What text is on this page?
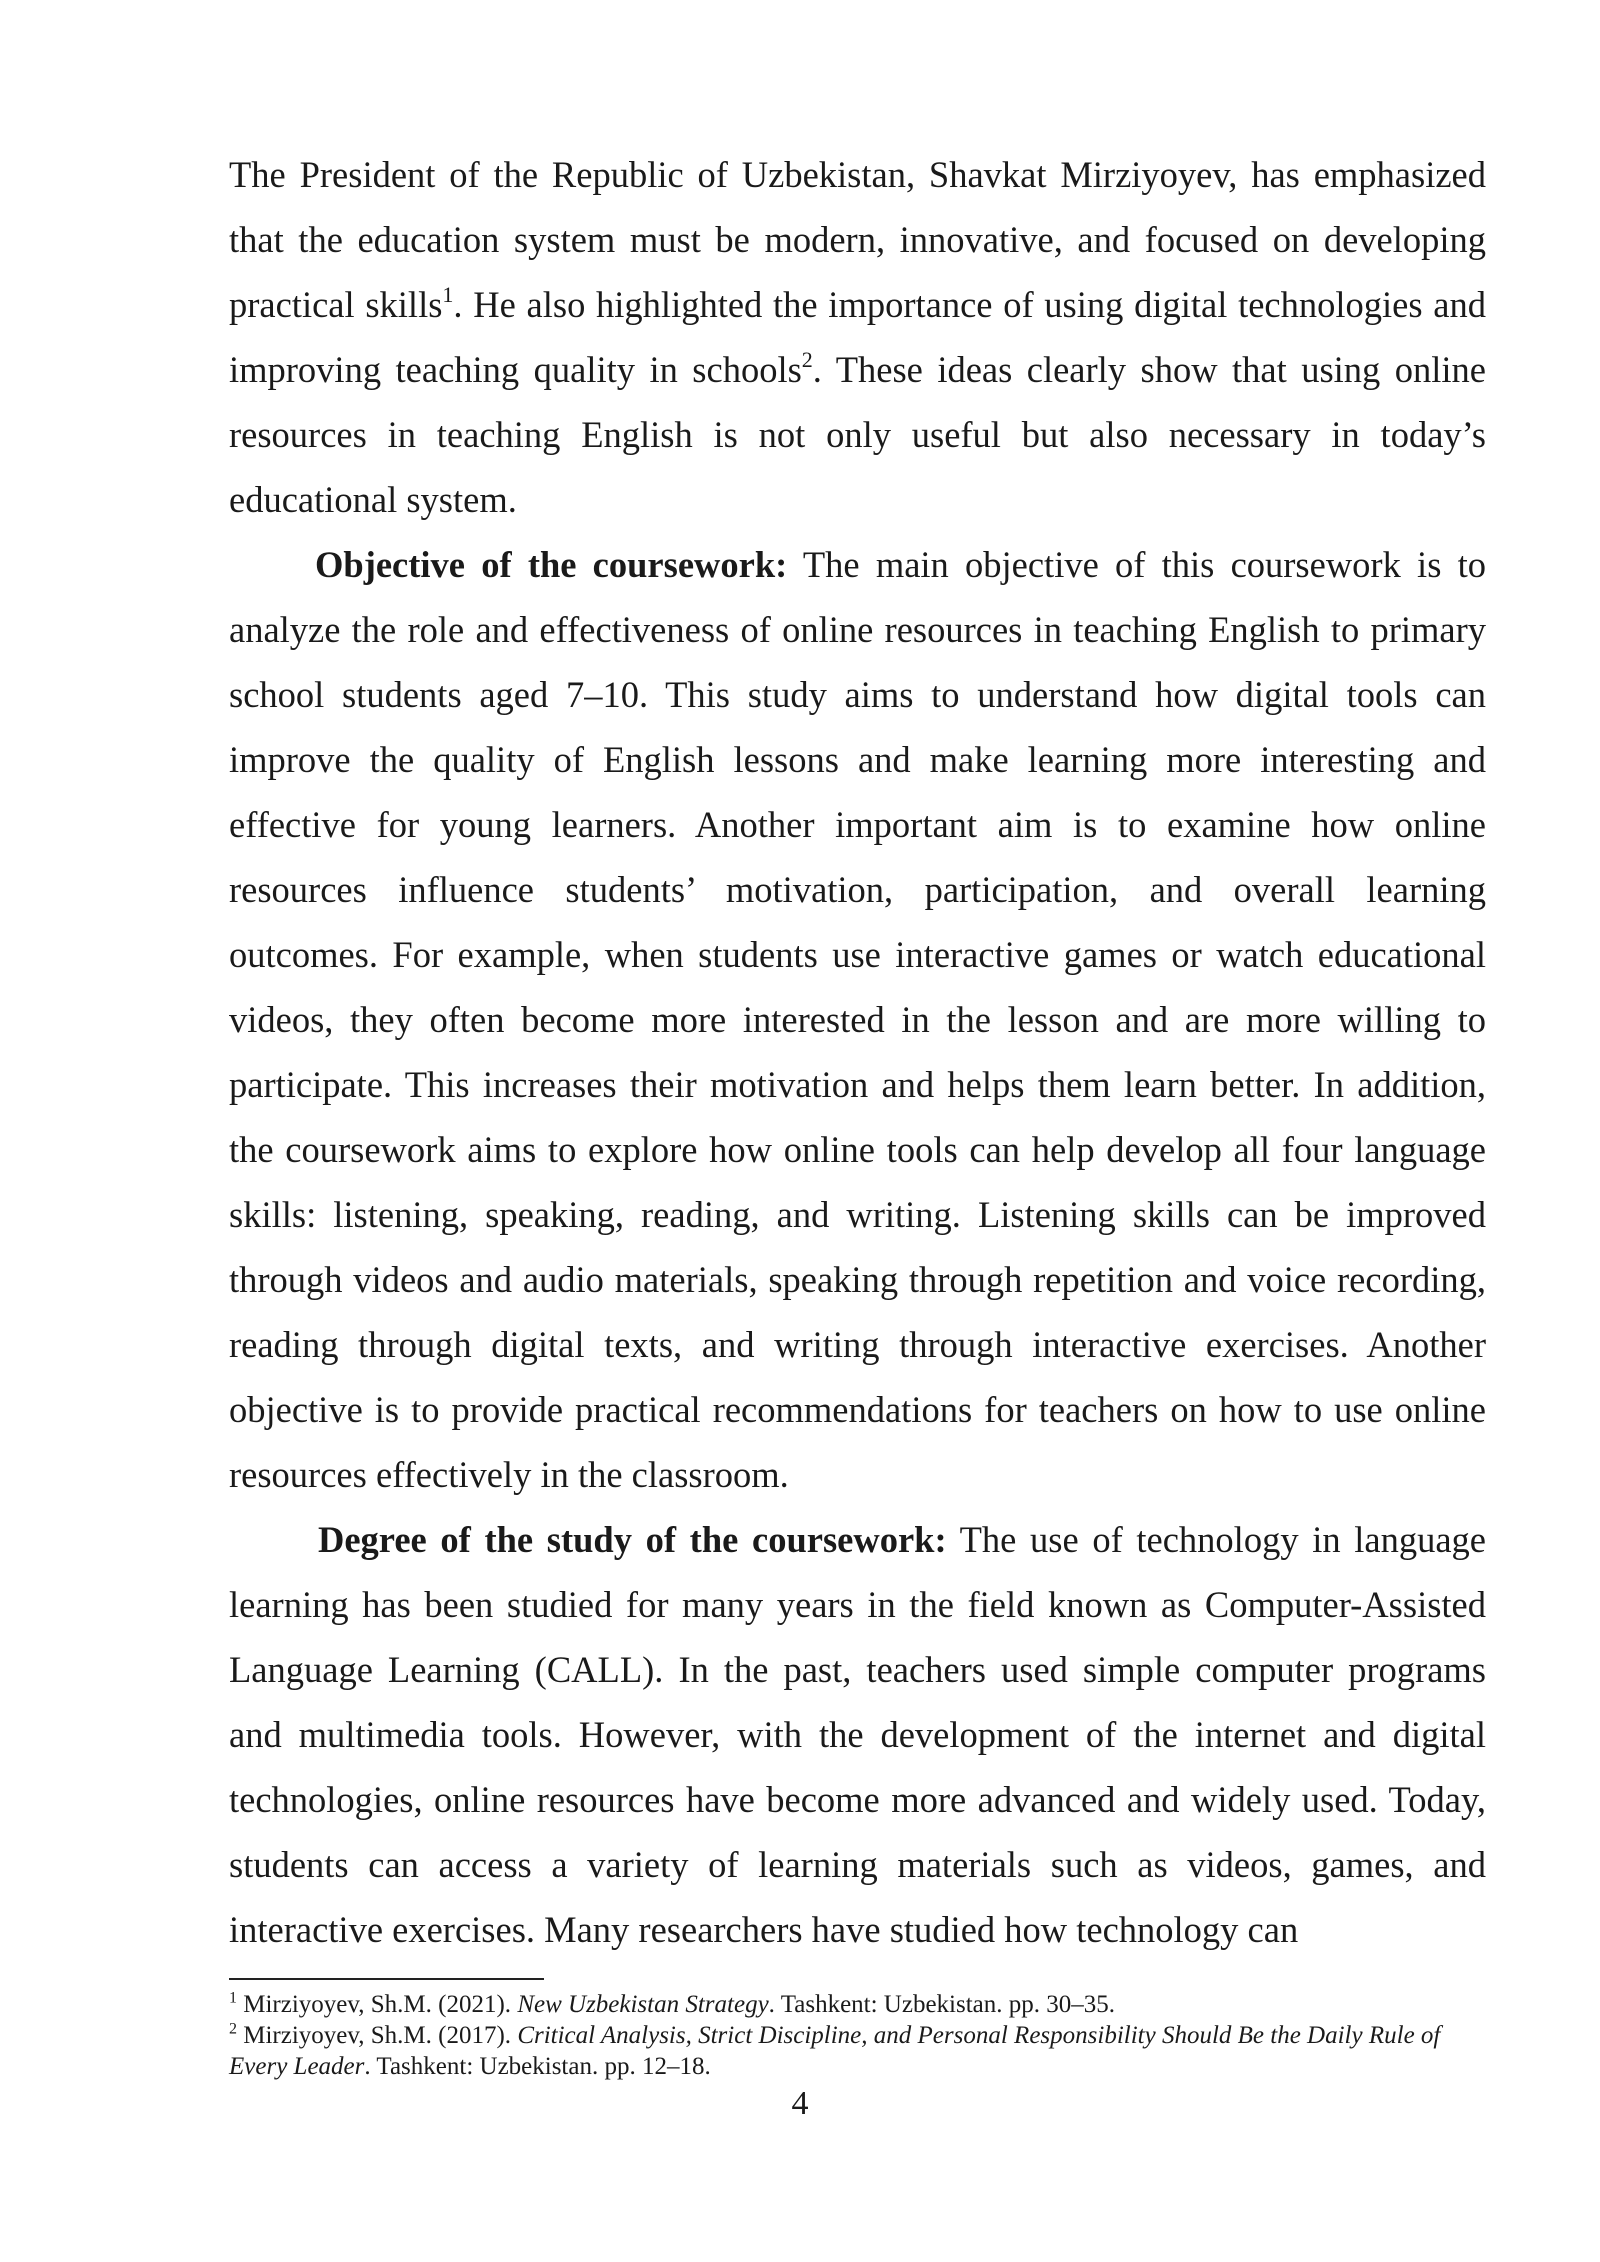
The President of the Republic of Uzbekistan, Shavkat Mirziyoyev, has emphasized that the education system must be modern, innovative, and focused on developing practical skills$^1$. He also highlighted the importance of using digital technologies and improving teaching quality in schools$^2$. These ideas clearly show that using online resources in teaching English is not only useful but also necessary in today’s educational system.

Objective of the coursework: The main objective of this coursework is to analyze the role and effectiveness of online resources in teaching English to primary school students aged 7–10. This study aims to understand how digital tools can improve the quality of English lessons and make learning more interesting and effective for young learners. Another important aim is to examine how online resources influence students’ motivation, participation, and overall learning outcomes. For example, when students use interactive games or watch educational videos, they often become more interested in the lesson and are more willing to participate. This increases their motivation and helps them learn better. In addition, the coursework aims to explore how online tools can help develop all four language skills: listening, speaking, reading, and writing. Listening skills can be improved through videos and audio materials, speaking through repetition and voice recording, reading through digital texts, and writing through interactive exercises. Another objective is to provide practical recommendations for teachers on how to use online resources effectively in the classroom.

Degree of the study of the coursework: The use of technology in language learning has been studied for many years in the field known as Computer-Assisted Language Learning (CALL). In the past, teachers used simple computer programs and multimedia tools. However, with the development of the internet and digital technologies, online resources have become more advanced and widely used. Today, students can access a variety of learning materials such as videos, games, and interactive exercises. Many researchers have studied how technology can

$^1$ Mirziyoyev, Sh.M. (2021). New Uzbekistan Strategy. Tashkent: Uzbekistan. pp. 30–35.

$^2$ Mirziyoyev, Sh.M. (2017). Critical Analysis, Strict Discipline, and Personal Responsibility Should Be the Daily Rule of Every Leader. Tashkent: Uzbekistan. pp. 12–18.

4
